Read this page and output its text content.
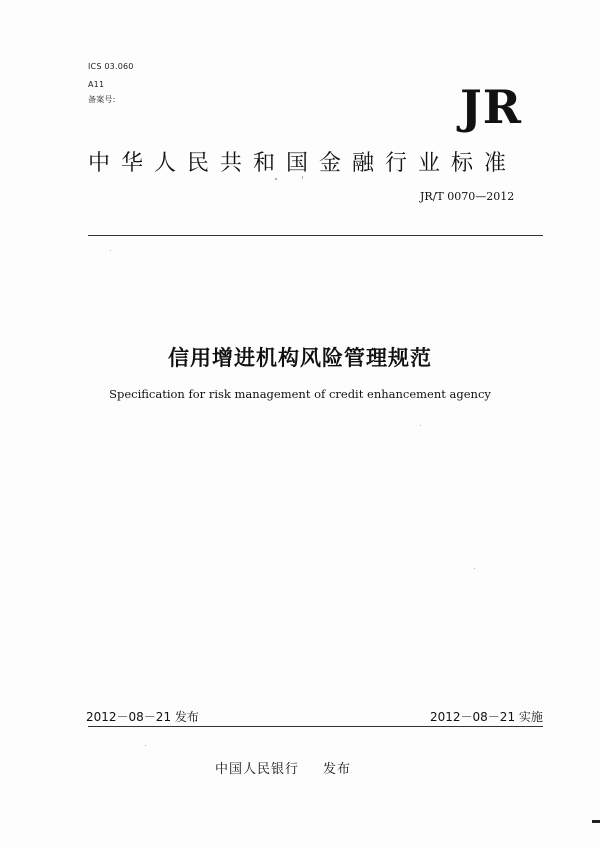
ICS 03.060
A11
备案号:	JR
中华人民共和国金融行业标准
JR/T 0070—2012
信用增进机构风险管理规范
Specification for risk management of credit enhancement agency
2012－08－21 发布	2012－08－21 实施
中国人民银行 发布
